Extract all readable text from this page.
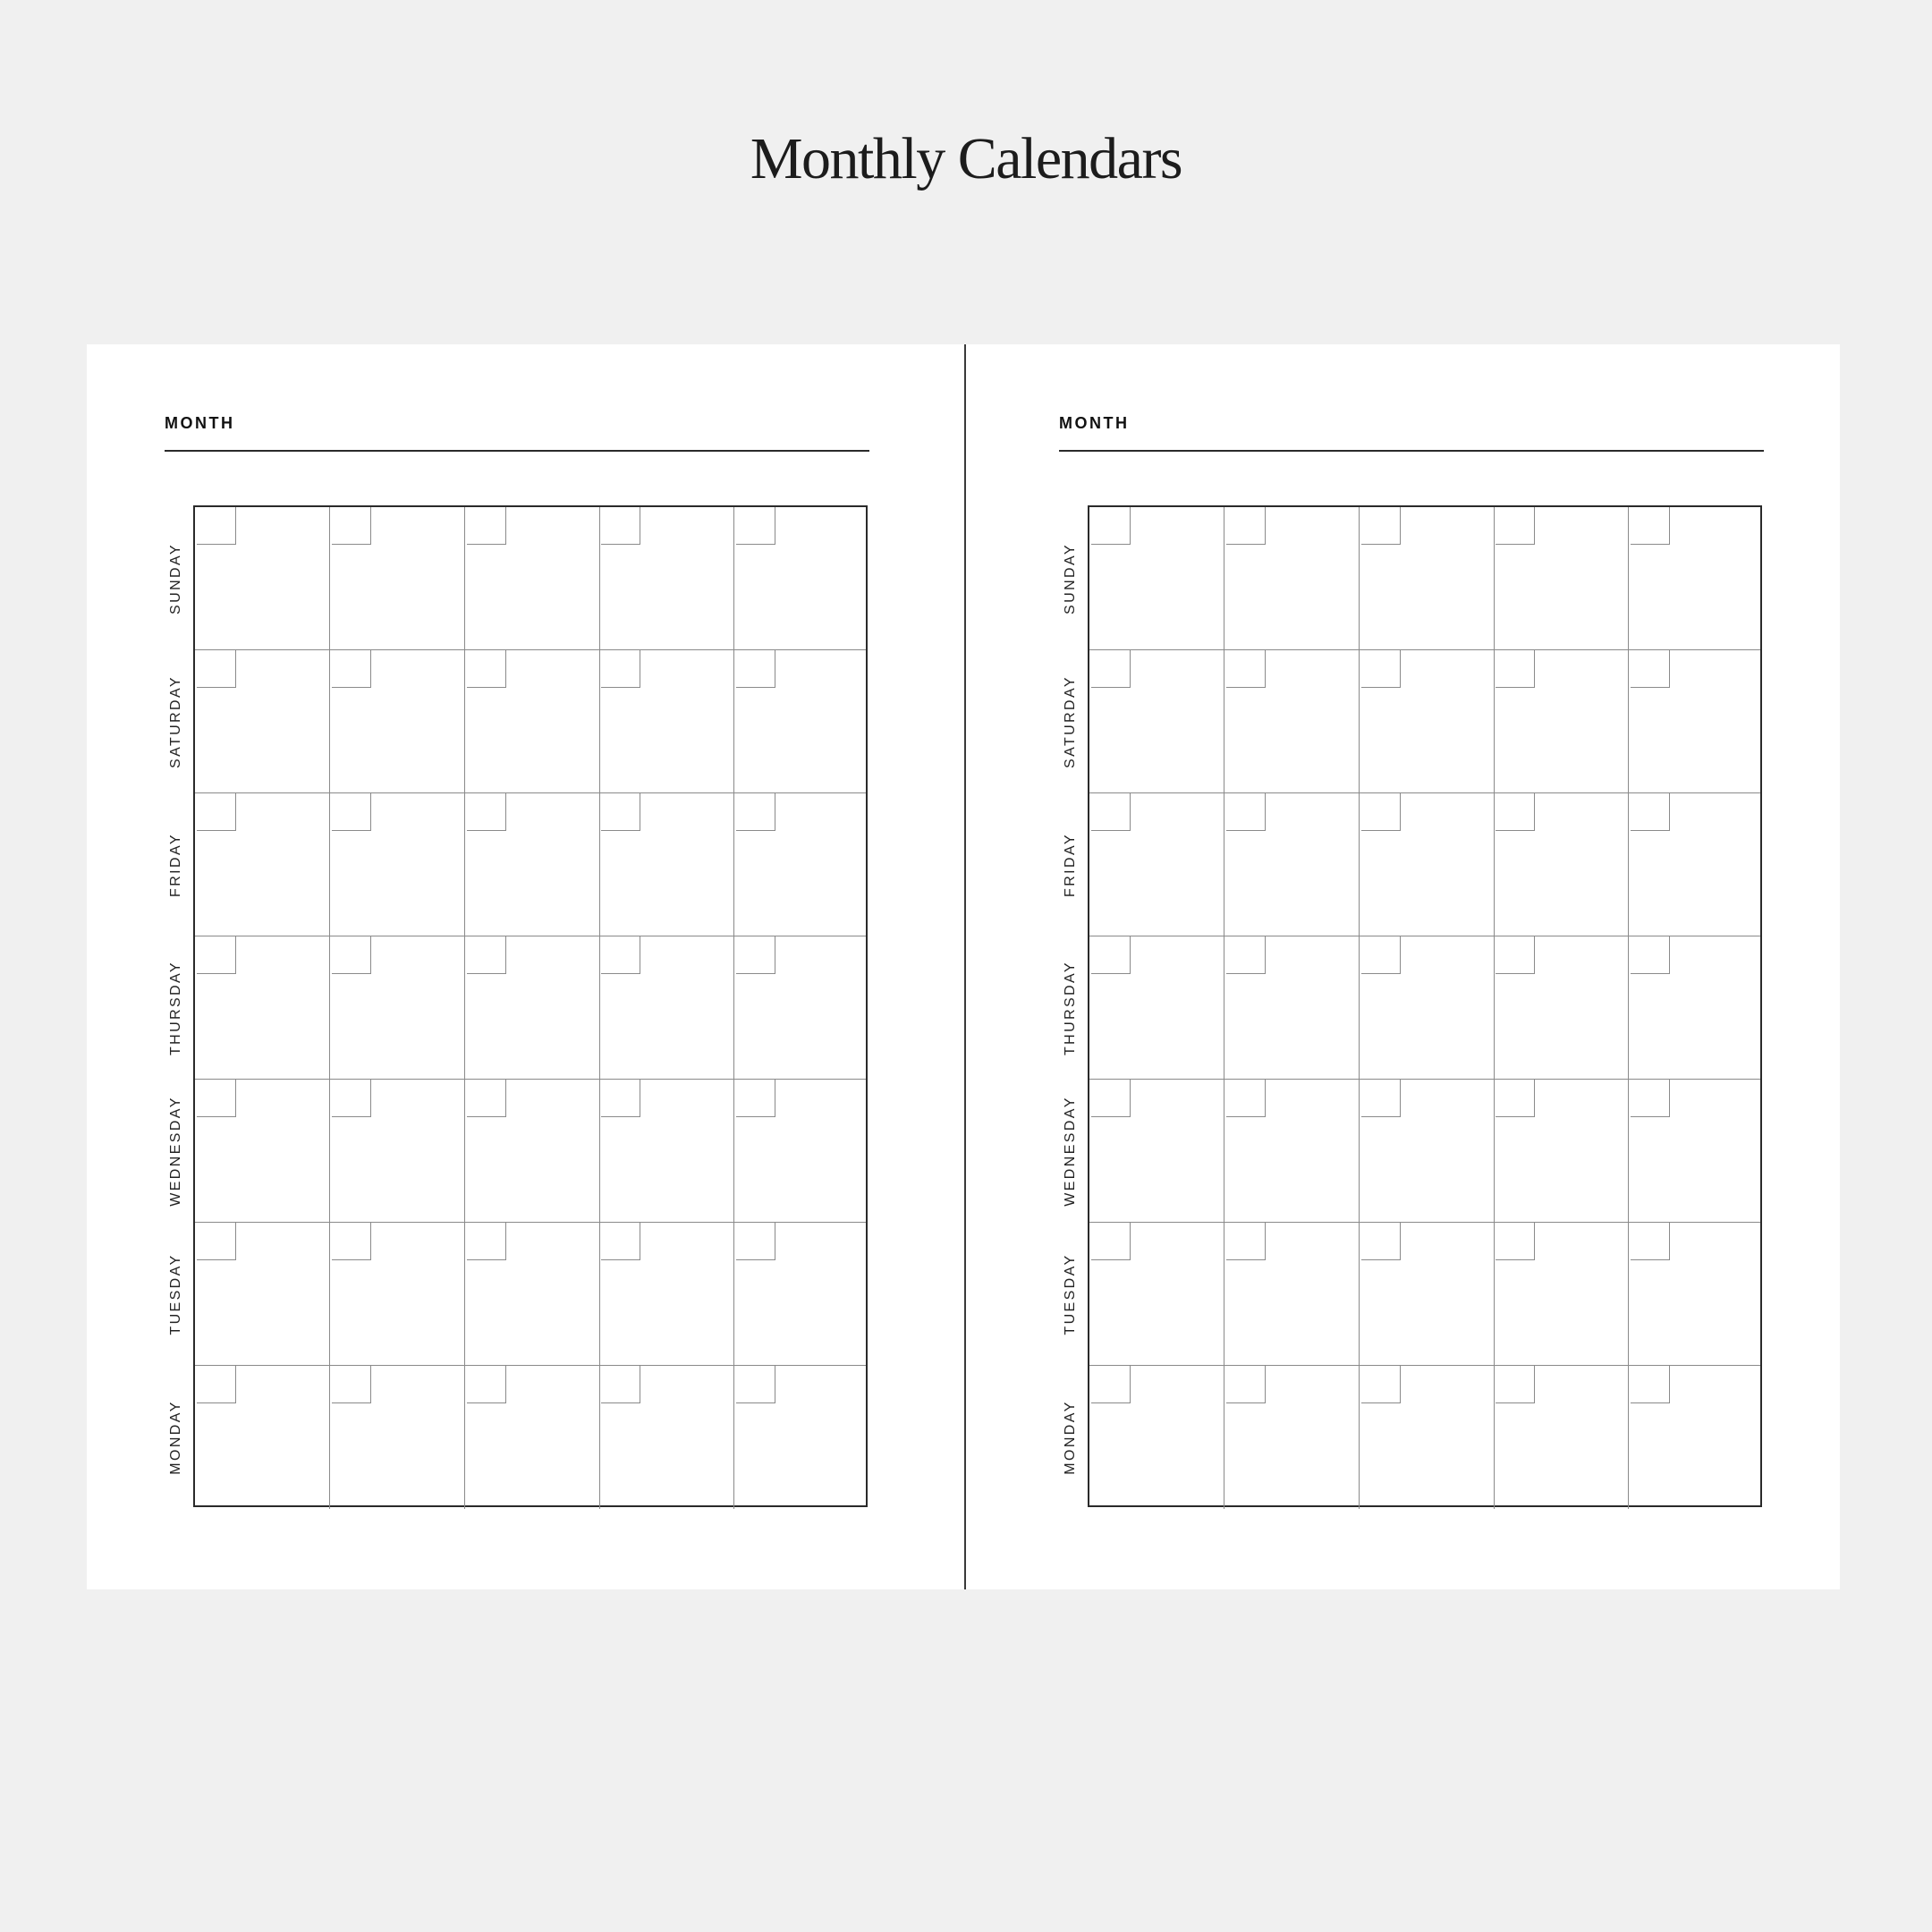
Monthly Calendars
MONTH
SUNDAY
SATURDAY
FRIDAY
THURSDAY
WEDNESDAY
TUESDAY
MONDAY
MONTH
SUNDAY
SATURDAY
FRIDAY
THURSDAY
WEDNESDAY
TUESDAY
MONDAY
